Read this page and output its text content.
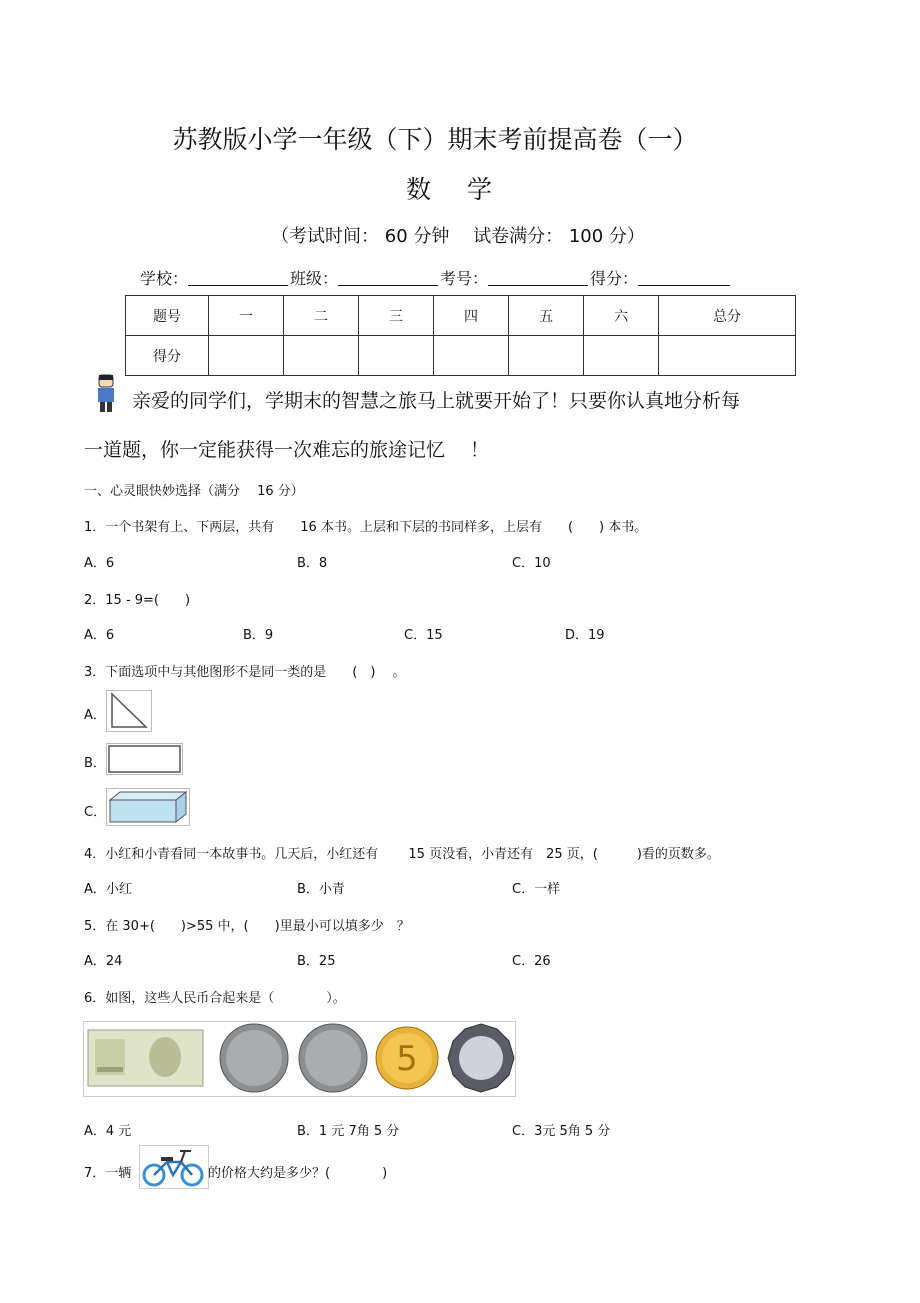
苏教版小学一年级（下）期末考前提高卷（一）
数 学
（考试时间： 60 分钟　 试卷满分： 100 分）
学校：	班级：	考号：	得分：
题号	一	二	三	四	五	六	总分
得分							
亲爱的同学们，学期末的智慧之旅马上就要开始了！只要你认真地分析每
一道题，你一定能获得一次难忘的旅途记忆　 ！
一、心灵眼快妙选择（满分　 16 分）
1．一个书架有上、下两层，共有　　16 本书。上层和下层的书同样多，上层有　　(　　) 本书。
A．6	B．8	C．10
2．15 - 9=(　　)
A．6	B．9	C．15	D．19
3．下面选项中与其他图形不是同一类的是　　(　)　 。
A．
B．
C．
4．小红和小青看同一本故事书。几天后，小红还有　　 15 页没看，小青还有　25 页，(　　　)看的页数多。
A．小红	B．小青	C．一样
5．在 30+(　　)>55 中，(　　)里最小可以填多少　？
A．24	B．25	C．26
6．如图，这些人民币合起来是（　　　　）。
5
A．4 元	B．1 元 7角 5 分	C．3元 5角 5 分
7．一辆	的价格大约是多少？(　　　　)
